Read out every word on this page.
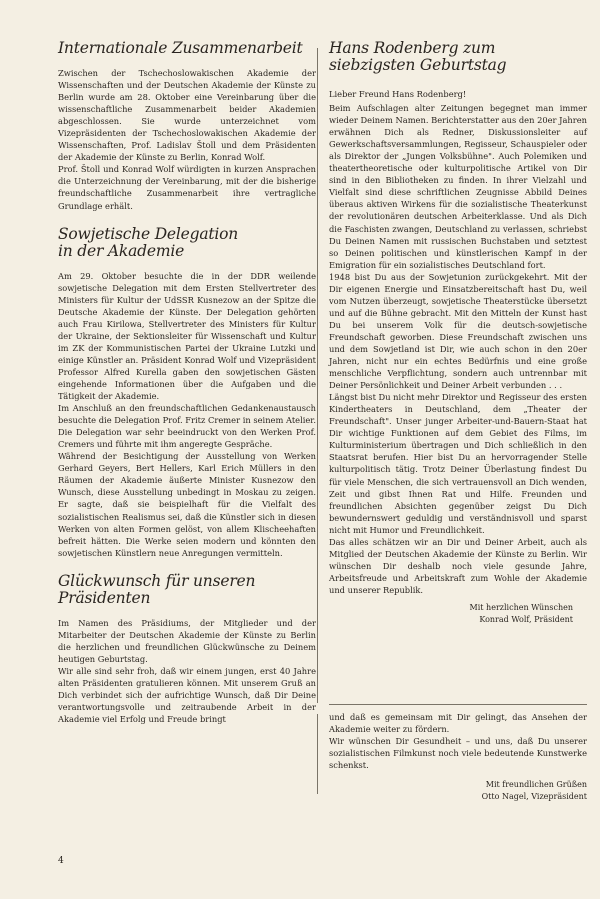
Internationale Zusammenarbeit

Zwischen der Tschechoslowakischen Akademie der Wissenschaften und der Deutschen Akademie der Künste zu Berlin wurde am 28. Oktober eine Vereinbarung über die wissenschaftliche Zusammenarbeit beider Akademien abgeschlossen. Sie wurde unterzeichnet vom Vizepräsidenten der Tschechoslowakischen Akademie der Wissenschaften, Prof. Ladislav Štoll und dem Präsidenten der Akademie der Künste zu Berlin, Konrad Wolf.

Prof. Štoll und Konrad Wolf würdigten in kurzen Ansprachen die Unterzeichnung der Vereinbarung, mit der die bisherige freundschaftliche Zusammenarbeit ihre vertragliche Grundlage erhält.

Sowjetische Delegation in der Akademie

Am 29. Oktober besuchte die in der DDR weilende sowjetische Delegation mit dem Ersten Stellvertreter des Ministers für Kultur der UdSSR Kusnezow an der Spitze die Deutsche Akademie der Künste. Der Delegation gehörten auch Frau Kirilowa, Stellvertreter des Ministers für Kultur der Ukraine, der Sektionsleiter für Wissenschaft und Kultur im ZK der Kommunistischen Partei der Ukraine Lutzki und einige Künstler an. Präsident Konrad Wolf und Vizepräsident Professor Alfred Kurella gaben den sowjetischen Gästen eingehende Informationen über die Aufgaben und die Tätigkeit der Akademie.

Im Anschluß an den freundschaftlichen Gedankenaustausch besuchte die Delegation Prof. Fritz Cremer in seinem Atelier. Die Delegation war sehr beeindruckt von den Werken Prof. Cremers und führte mit ihm angeregte Gespräche.

Während der Besichtigung der Ausstellung von Werken Gerhard Geyers, Bert Hellers, Karl Erich Müllers in den Räumen der Akademie äußerte Minister Kusnezow den Wunsch, diese Ausstellung unbedingt in Moskau zu zeigen. Er sagte, daß sie beispielhaft für die Vielfalt des sozialistischen Realismus sei, daß die Künstler sich in diesen Werken von alten Formen gelöst, von allem Klischeehaften befreit hätten. Die Werke seien modern und könnten den sowjetischen Künstlern neue Anregungen vermitteln.

Glückwunsch für unseren Präsidenten

Im Namen des Präsidiums, der Mitglieder und der Mitarbeiter der Deutschen Akademie der Künste zu Berlin die herzlichen und freundlichen Glückwünsche zu Deinem heutigen Geburtstag.

Wir alle sind sehr froh, daß wir einem jungen, erst 40 Jahre alten Präsidenten gratulieren können. Mit unserem Gruß an Dich verbindet sich der aufrichtige Wunsch, daß Dir Deine verantwortungsvolle und zeitraubende Arbeit in der Akademie viel Erfolg und Freude bringt

Hans Rodenberg zum siebzigsten Geburtstag

Lieber Freund Hans Rodenberg!

Beim Aufschlagen alter Zeitungen begegnet man immer wieder Deinem Namen. Berichterstatter aus den 20er Jahren erwähnen Dich als Redner, Diskussionsleiter auf Gewerkschaftsversammlungen, Regisseur, Schauspieler oder als Direktor der „Jungen Volksbühne". Auch Polemiken und theatertheoretische oder kulturpolitische Artikel von Dir sind in den Bibliotheken zu finden. In ihrer Vielzahl und Vielfalt sind diese schriftlichen Zeugnisse Abbild Deines überaus aktiven Wirkens für die sozialistische Theaterkunst der revolutionären deutschen Arbeiterklasse. Und als Dich die Faschisten zwangen, Deutschland zu verlassen, schriebst Du Deinen Namen mit russischen Buchstaben und setztest so Deinen politischen und künstlerischen Kampf in der Emigration für ein sozialistisches Deutschland fort.

1948 bist Du aus der Sowjetunion zurückgekehrt. Mit der Dir eigenen Energie und Einsatzbereitschaft hast Du, weil vom Nutzen überzeugt, sowjetische Theaterstücke übersetzt und auf die Bühne gebracht. Mit den Mitteln der Kunst hast Du bei unserem Volk für die deutsch-sowjetische Freundschaft geworben. Diese Freundschaft zwischen uns und dem Sowjetland ist Dir, wie auch schon in den 20er Jahren, nicht nur ein echtes Bedürfnis und eine große menschliche Verpflichtung, sondern auch untrennbar mit Deiner Persönlichkeit und Deiner Arbeit verbunden . . .

Längst bist Du nicht mehr Direktor und Regisseur des ersten Kindertheaters in Deutschland, dem „Theater der Freundschaft". Unser junger Arbeiter-und-Bauern-Staat hat Dir wichtige Funktionen auf dem Gebiet des Films, im Kulturministerium übertragen und Dich schließlich in den Staatsrat berufen. Hier bist Du an hervorragender Stelle kulturpolitisch tätig. Trotz Deiner Überlastung findest Du für viele Menschen, die sich vertrauensvoll an Dich wenden, Zeit und gibst Ihnen Rat und Hilfe. Freunden und freundlichen Absichten gegenüber zeigst Du Dich bewundernswert geduldig und verständnisvoll und sparst nicht mit Humor und Freundlichkeit.

Das alles schätzen wir an Dir und Deiner Arbeit, auch als Mitglied der Deutschen Akademie der Künste zu Berlin. Wir wünschen Dir deshalb noch viele gesunde Jahre, Arbeitsfreude und Arbeitskraft zum Wohle der Akademie und unserer Republik.

Mit herzlichen Wünschen
Konrad Wolf, Präsident

und daß es gemeinsam mit Dir gelingt, das Ansehen der Akademie weiter zu fördern.

Wir wünschen Dir Gesundheit – und uns, daß Du unserer sozialistischen Filmkunst noch viele bedeutende Kunstwerke schenkst.

Mit freundlichen Grüßen
Otto Nagel, Vizepräsident
4
